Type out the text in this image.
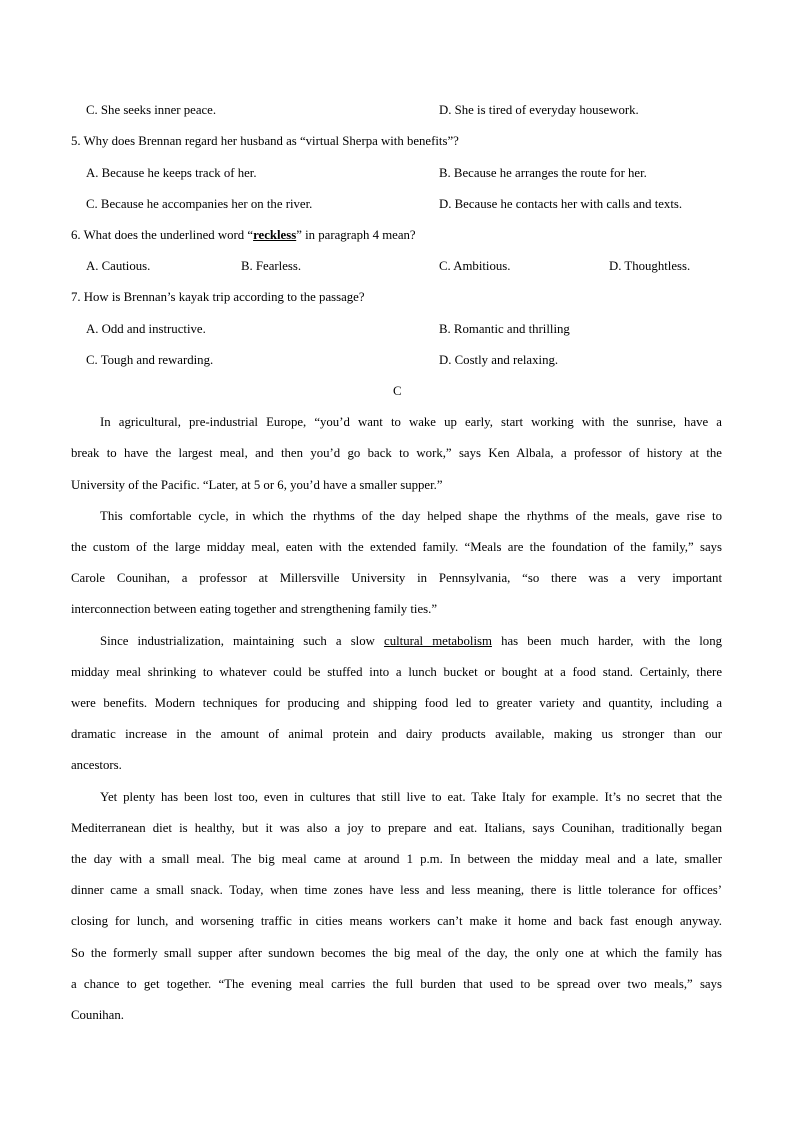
C. She seeks inner peace.	D. She is tired of everyday housework.
5. Why does Brennan regard her husband as “virtual Sherpa with benefits”?
A. Because he keeps track of her.	B. Because he arranges the route for her.
C. Because he accompanies her on the river.	D. Because he contacts her with calls and texts.
6. What does the underlined word “reckless” in paragraph 4 mean?
A. Cautious.	B. Fearless.	C. Ambitious.	D. Thoughtless.
7. How is Brennan’s kayak trip according to the passage?
A. Odd and instructive.	B. Romantic and thrilling
C. Tough and rewarding.	D. Costly and relaxing.
C
In agricultural, pre-industrial Europe, “you’d want to wake up early, start working with the sunrise, have a
break to have the largest meal, and then you’d go back to work,” says Ken Albala, a professor of history at the
University of the Pacific. “Later, at 5 or 6, you’d have a smaller supper.”
This comfortable cycle, in which the rhythms of the day helped shape the rhythms of the meals, gave rise to
the custom of the large midday meal, eaten with the extended family. “Meals are the foundation of the family,” says
Carole Counihan, a professor at Millersville University in Pennsylvania, “so there was a very important
interconnection between eating together and strengthening family ties.”
Since industrialization, maintaining such a slow cultural metabolism has been much harder, with the long
midday meal shrinking to whatever could be stuffed into a lunch bucket or bought at a food stand. Certainly, there
were benefits. Modern techniques for producing and shipping food led to greater variety and quantity, including a
dramatic increase in the amount of animal protein and dairy products available, making us stronger than our
ancestors.
Yet plenty has been lost too, even in cultures that still live to eat. Take Italy for example. It’s no secret that the
Mediterranean diet is healthy, but it was also a joy to prepare and eat. Italians, says Counihan, traditionally began
the day with a small meal. The big meal came at around 1 p.m. In between the midday meal and a late, smaller
dinner came a small snack. Today, when time zones have less and less meaning, there is little tolerance for offices’
closing for lunch, and worsening traffic in cities means workers can’t make it home and back fast enough anyway.
So the formerly small supper after sundown becomes the big meal of the day, the only one at which the family has
a chance to get together. “The evening meal carries the full burden that used to be spread over two meals,” says
Counihan.
